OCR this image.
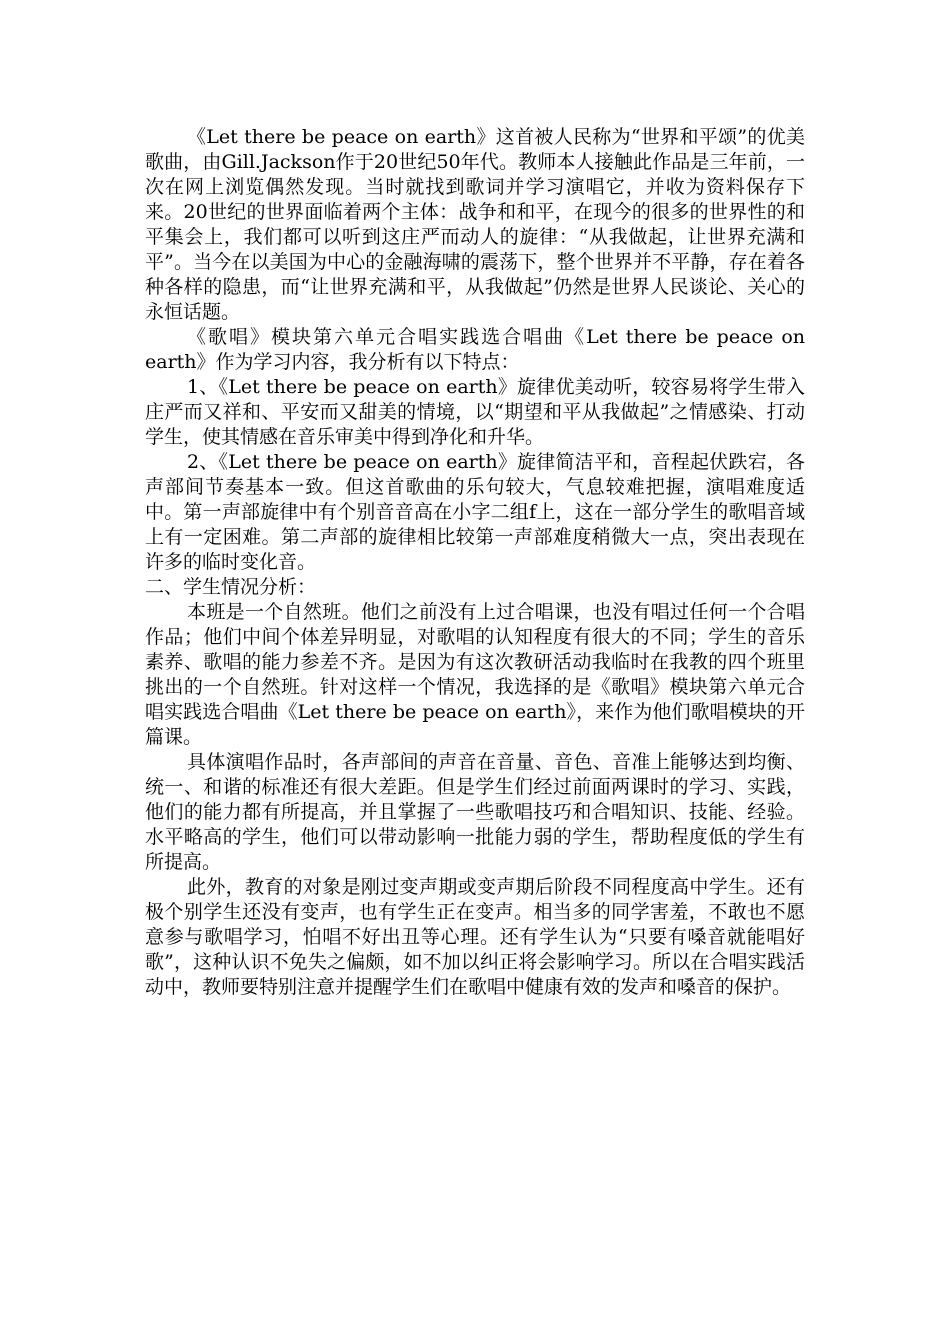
《Let there be peace on earth》这首被人民称为“世界和平颂”的优美歌曲，由Gill.Jackson作于20世纪50年代。教师本人接触此作品是三年前，一次在网上浏览偶然发现。当时就找到歌词并学习演唱它，并收为资料保存下来。20世纪的世界面临着两个主体：战争和和平，在现今的很多的世界性的和平集会上，我们都可以听到这庄严而动人的旋律：“从我做起，让世界充满和平”。当今在以美国为中心的金融海啸的震荡下，整个世界并不平静，存在着各种各样的隐患，而“让世界充满和平，从我做起”仍然是世界人民谈论、关心的永恒话题。

《歌唱》模块第六单元合唱实践选合唱曲《Let there be peace on earth》作为学习内容，我分析有以下特点：

1、《Let there be peace on earth》旋律优美动听，较容易将学生带入庄严而又祥和、平安而又甜美的情境，以“期望和平从我做起”之情感染、打动学生，使其情感在音乐审美中得到净化和升华。

2、《Let there be peace on earth》旋律简洁平和，音程起伏跌宕，各声部间节奏基本一致。但这首歌曲的乐句较大，气息较难把握，演唱难度适中。第一声部旋律中有个别音音高在小字二组f上，这在一部分学生的歌唱音域上有一定困难。第二声部的旋律相比较第一声部难度稍微大一点，突出表现在许多的临时变化音。

二、学生情况分析：

本班是一个自然班。他们之前没有上过合唱课，也没有唱过任何一个合唱作品；他们中间个体差异明显，对歌唱的认知程度有很大的不同；学生的音乐素养、歌唱的能力参差不齐。是因为有这次教研活动我临时在我教的四个班里挑出的一个自然班。针对这样一个情况，我选择的是《歌唱》模块第六单元合唱实践选合唱曲《Let there be peace on earth》，来作为他们歌唱模块的开篇课。

具体演唱作品时，各声部间的声音在音量、音色、音准上能够达到均衡、统一、和谐的标准还有很大差距。但是学生们经过前面两课时的学习、实践，他们的能力都有所提高，并且掌握了一些歌唱技巧和合唱知识、技能、经验。水平略高的学生，他们可以带动影响一批能力弱的学生，帮助程度低的学生有所提高。

此外，教育的对象是刚过变声期或变声期后阶段不同程度高中学生。还有极个别学生还没有变声，也有学生正在变声。相当多的同学害羞，不敢也不愿意参与歌唱学习，怕唱不好出丑等心理。还有学生认为“只要有嗓音就能唱好歌”，这种认识不免失之偏颇，如不加以纠正将会影响学习。所以在合唱实践活动中，教师要特别注意并提醒学生们在歌唱中健康有效的发声和嗓音的保护。
